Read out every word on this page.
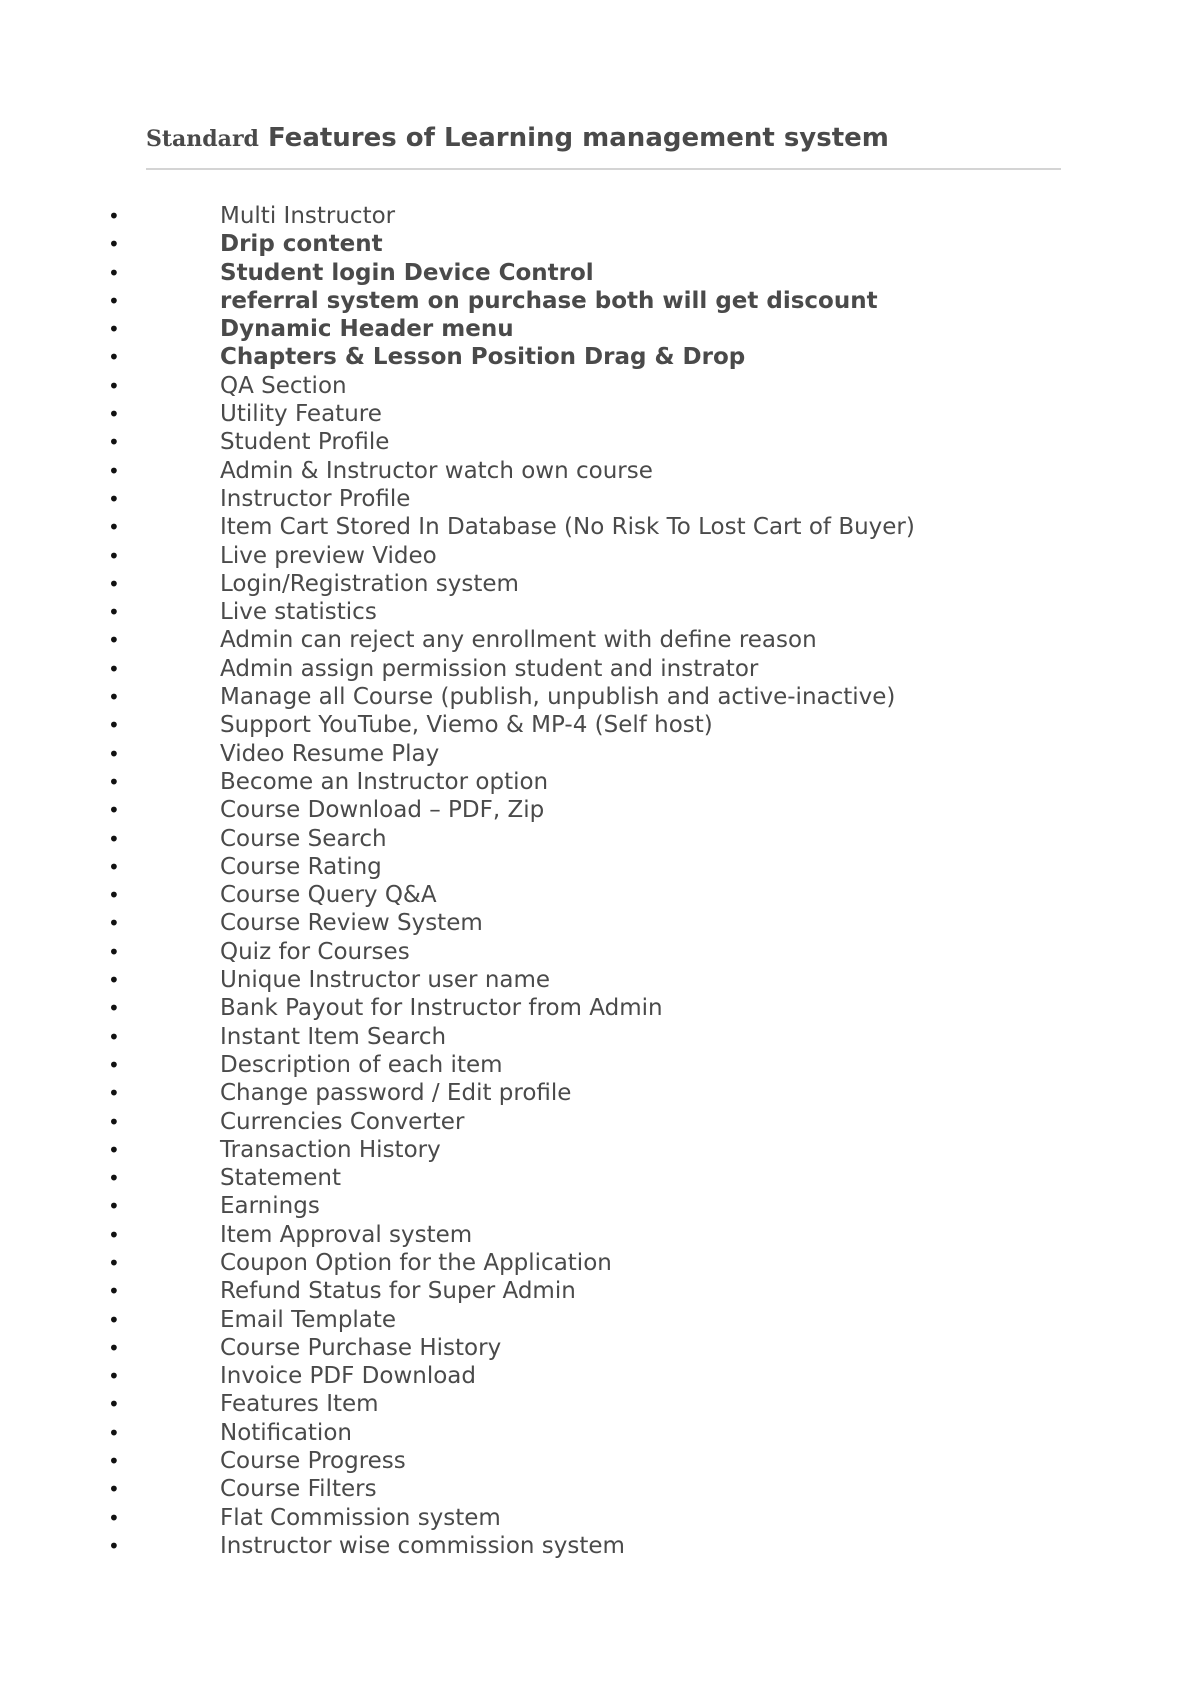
Standard Features of Learning management system
•	Multi Instructor
•	Drip content
•	Student login Device Control
•	referral system on purchase both will get discount
•	Dynamic Header menu
•	Chapters & Lesson Position Drag & Drop
•	QA Section
•	Utility Feature
•	Student Profile
•	Admin & Instructor watch own course
•	Instructor Profile
•	Item Cart Stored In Database (No Risk To Lost Cart of Buyer)
•	Live preview Video
•	Login/Registration system
•	Live statistics
•	Admin can reject any enrollment with define reason
•	Admin assign permission student and instrator
•	Manage all Course (publish, unpublish and active-inactive)
•	Support YouTube, Viemo & MP-4 (Self host)
•	Video Resume Play
•	Become an Instructor option
•	Course Download – PDF, Zip
•	Course Search
•	Course Rating
•	Course Query Q&A
•	Course Review System
•	Quiz for Courses
•	Unique Instructor user name
•	Bank Payout for Instructor from Admin
•	Instant Item Search
•	Description of each item
•	Change password / Edit profile
•	Currencies Converter
•	Transaction History
•	Statement
•	Earnings
•	Item Approval system
•	Coupon Option for the Application
•	Refund Status for Super Admin
•	Email Template
•	Course Purchase History
•	Invoice PDF Download
•	Features Item
•	Notification
•	Course Progress
•	Course Filters
•	Flat Commission system
•	Instructor wise commission system
